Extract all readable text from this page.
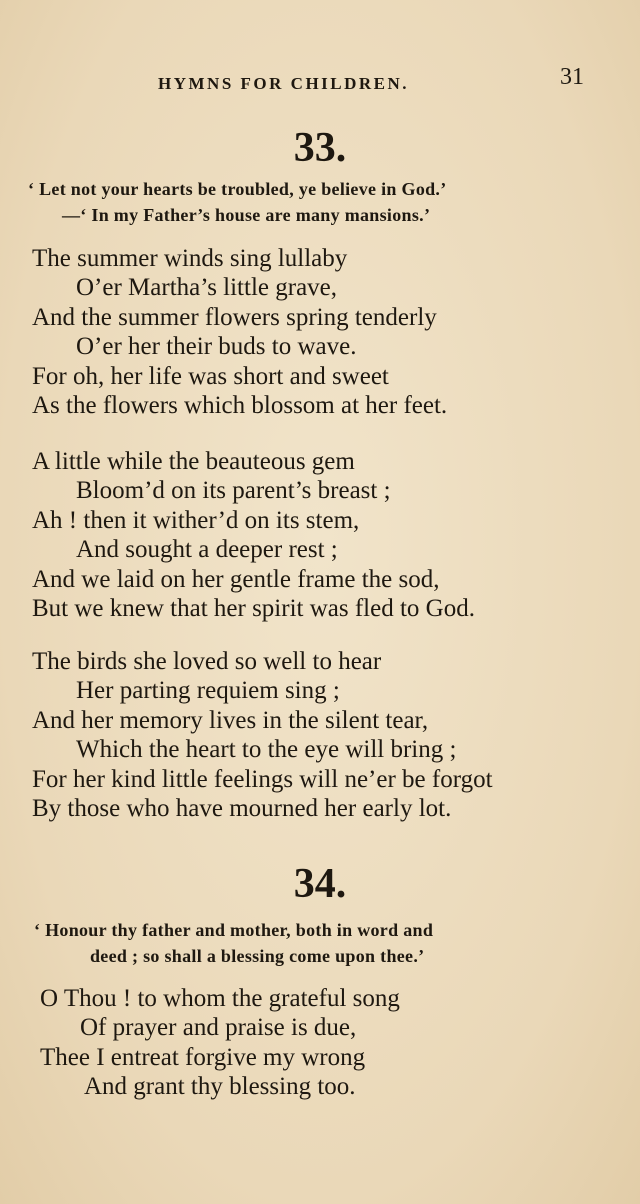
HYMNS FOR CHILDREN.	31
33.
‘ Let not your hearts be troubled, ye believe in God.’
—‘ In my Father’s house are many mansions.’
The summer winds sing lullaby
O’er Martha’s little grave,
And the summer flowers spring tenderly
O’er her their buds to wave.
For oh, her life was short and sweet
As the flowers which blossom at her feet.
A little while the beauteous gem
Bloom’d on its parent’s breast ;
Ah ! then it wither’d on its stem,
And sought a deeper rest ;
And we laid on her gentle frame the sod,
But we knew that her spirit was fled to God.
The birds she loved so well to hear
Her parting requiem sing ;
And her memory lives in the silent tear,
Which the heart to the eye will bring ;
For her kind little feelings will ne’er be forgot
By those who have mourned her early lot.
34.
‘ Honour thy father and mother, both in word and
deed ; so shall a blessing come upon thee.’
O Thou ! to whom the grateful song
Of prayer and praise is due,
Thee I entreat forgive my wrong
And grant thy blessing too.
